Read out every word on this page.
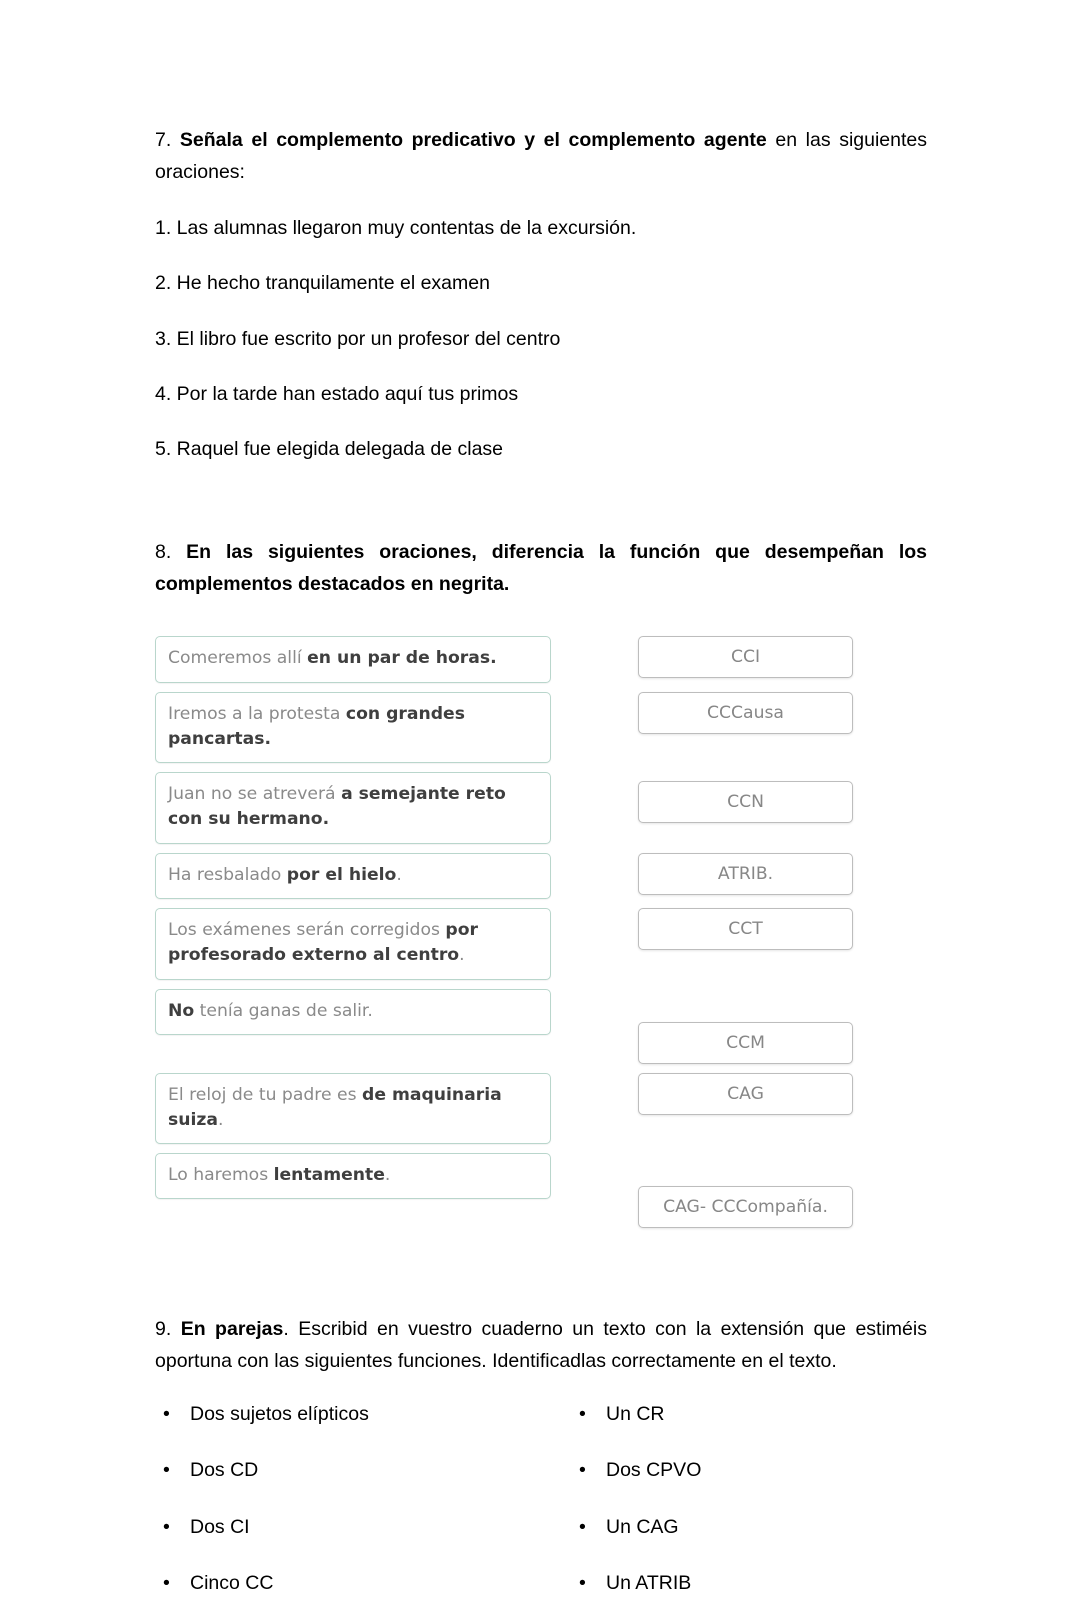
7. Señala el complemento predicativo y el complemento agente en las siguientes oraciones:

1. Las alumnas llegaron muy contentas de la excursión.

2. He hecho tranquilamente el examen

3. El libro fue escrito por un profesor del centro

4. Por la tarde han estado aquí tus primos

5. Raquel fue elegida delegada de clase

8. En las siguientes oraciones, diferencia la función que desempeñan los complementos destacados en negrita.

Comeremos allí en un par de horas.	CCI
Iremos a la protesta con grandes pancartas.
CCCausa
Juan no se atreverá a semejante reto con su hermano.
CCN
Ha resbalado por el hielo.	ATRIB.
Los exámenes serán corregidos por profesorado externo al centro.
CCT
No tenía ganas de salir.
CCM
El reloj de tu padre es de maquinaria suiza.
CAG
Lo haremos lentamente.
CAG- CCCompañía.

9. En parejas. Escribid en vuestro cuaderno un texto con la extensión que estiméis oportuna con las siguientes funciones. Identificadlas correctamente en el texto.

• Dos sujetos elípticos
• Dos CD
• Dos CI
• Cinco CC
• Un CR
• Dos CPVO
• Un CAG
• Un ATRIB
